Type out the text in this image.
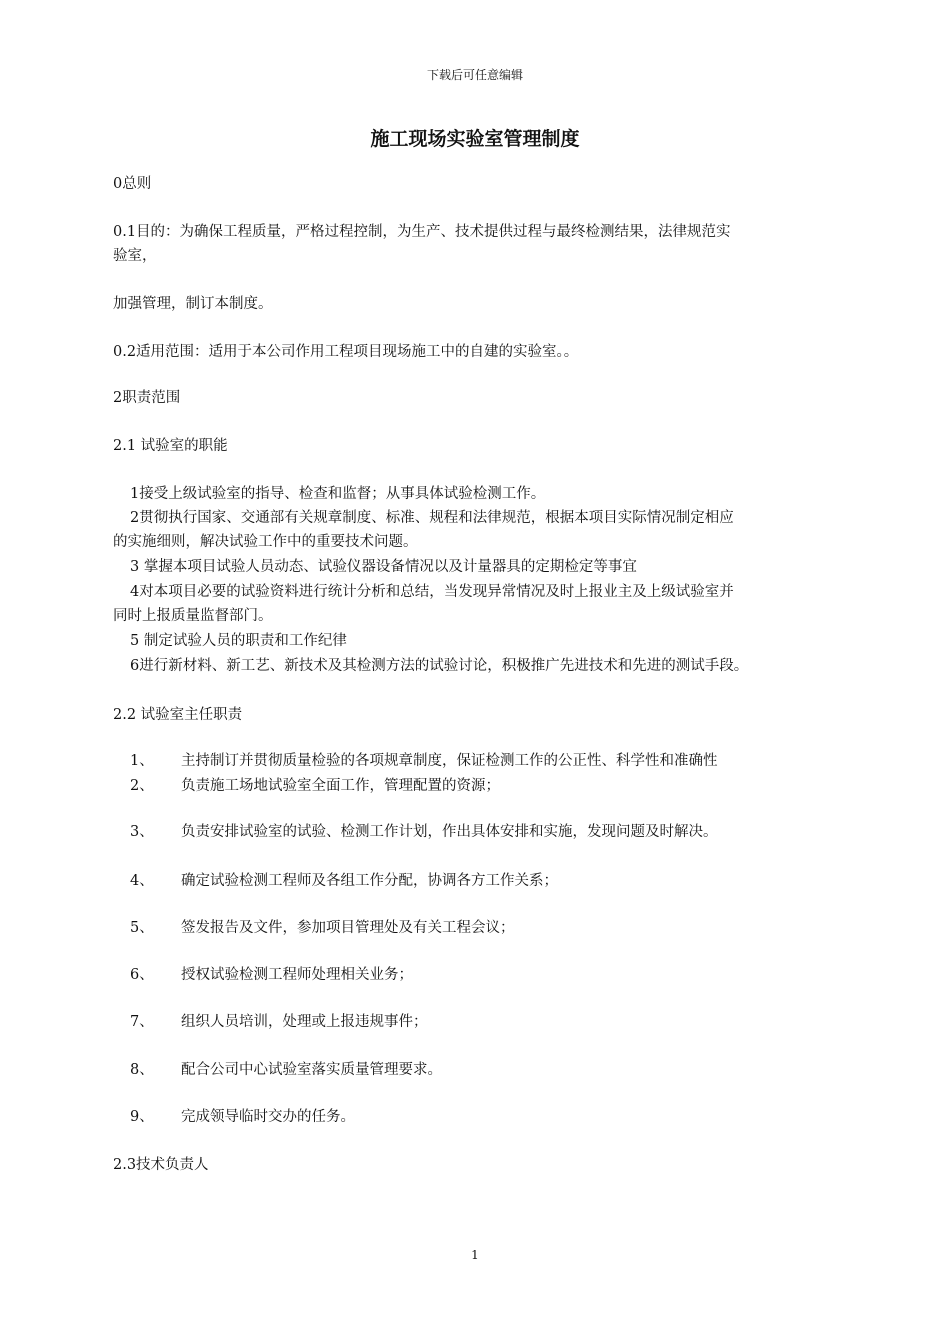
下载后可任意编辑
施工现场实验室管理制度
0总则
0.1目的：为确保工程质量，严格过程控制，为生产、技术提供过程与最终检测结果，法律规范实
验室，
加强管理，制订本制度。
0.2适用范围：适用于本公司作用工程项目现场施工中的自建的实验室。。
2职责范围
2.1 试验室的职能
1接受上级试验室的指导、检查和监督；从事具体试验检测工作。
2贯彻执行国家、交通部有关规章制度、标准、规程和法律规范，根据本项目实际情况制定相应
的实施细则，解决试验工作中的重要技术问题。
3 掌握本项目试验人员动态、试验仪器设备情况以及计量器具的定期检定等事宜
4对本项目必要的试验资料进行统计分析和总结，当发现异常情况及时上报业主及上级试验室并
同时上报质量监督部门。
5 制定试验人员的职责和工作纪律
6进行新材料、新工艺、新技术及其检测方法的试验讨论，积极推广先进技术和先进的测试手段。
2.2 试验室主任职责
1、 主持制订并贯彻质量检验的各项规章制度，保证检测工作的公正性、科学性和准确性
2、 负责施工场地试验室全面工作，管理配置的资源；
3、 负责安排试验室的试验、检测工作计划，作出具体安排和实施，发现问题及时解决。
4、 确定试验检测工程师及各组工作分配，协调各方工作关系；
5、 签发报告及文件，参加项目管理处及有关工程会议；
6、 授权试验检测工程师处理相关业务；
7、 组织人员培训，处理或上报违规事件；
8、 配合公司中心试验室落实质量管理要求。
9、 完成领导临时交办的任务。
2.3技术负责人
1
